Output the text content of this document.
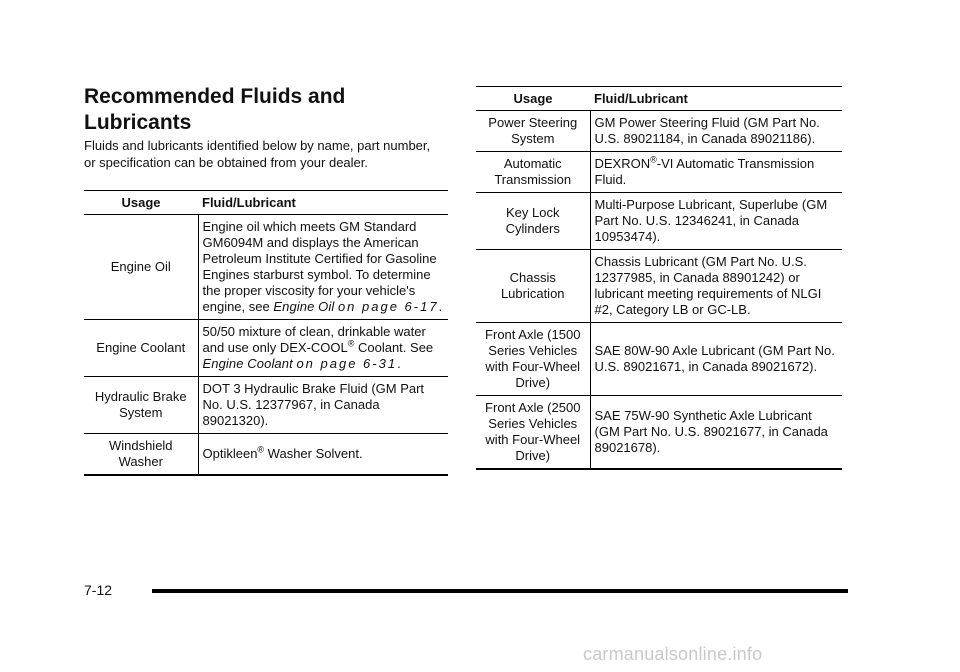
Recommended Fluids and Lubricants

Fluids and lubricants identified below by name, part number, or specification can be obtained from your dealer.

Usage	Fluid/Lubricant
Engine Oil	Engine oil which meets GM Standard GM6094M and displays the American Petroleum Institute Certified for Gasoline Engines starburst symbol. To determine the proper viscosity for your vehicle's engine, see Engine Oil on page 6-17.
Engine Coolant	50/50 mixture of clean, drinkable water and use only DEX-COOL® Coolant. See Engine Coolant on page 6-31.
Hydraulic Brake System	DOT 3 Hydraulic Brake Fluid (GM Part No. U.S. 12377967, in Canada 89021320).
Windshield Washer	Optikleen® Washer Solvent.
Usage	Fluid/Lubricant
Power Steering System	GM Power Steering Fluid (GM Part No. U.S. 89021184, in Canada 89021186).
Automatic Transmission	DEXRON®-VI Automatic Transmission Fluid.
Key Lock Cylinders	Multi-Purpose Lubricant, Superlube (GM Part No. U.S. 12346241, in Canada 10953474).
Chassis Lubrication	Chassis Lubricant (GM Part No. U.S. 12377985, in Canada 88901242) or lubricant meeting requirements of NLGI #2, Category LB or GC-LB.
Front Axle (1500 Series Vehicles with Four-Wheel Drive)	SAE 80W-90 Axle Lubricant (GM Part No. U.S. 89021671, in Canada 89021672).
Front Axle (2500 Series Vehicles with Four-Wheel Drive)	SAE 75W-90 Synthetic Axle Lubricant (GM Part No. U.S. 89021677, in Canada 89021678).
7-12
carmanualsonline.info
